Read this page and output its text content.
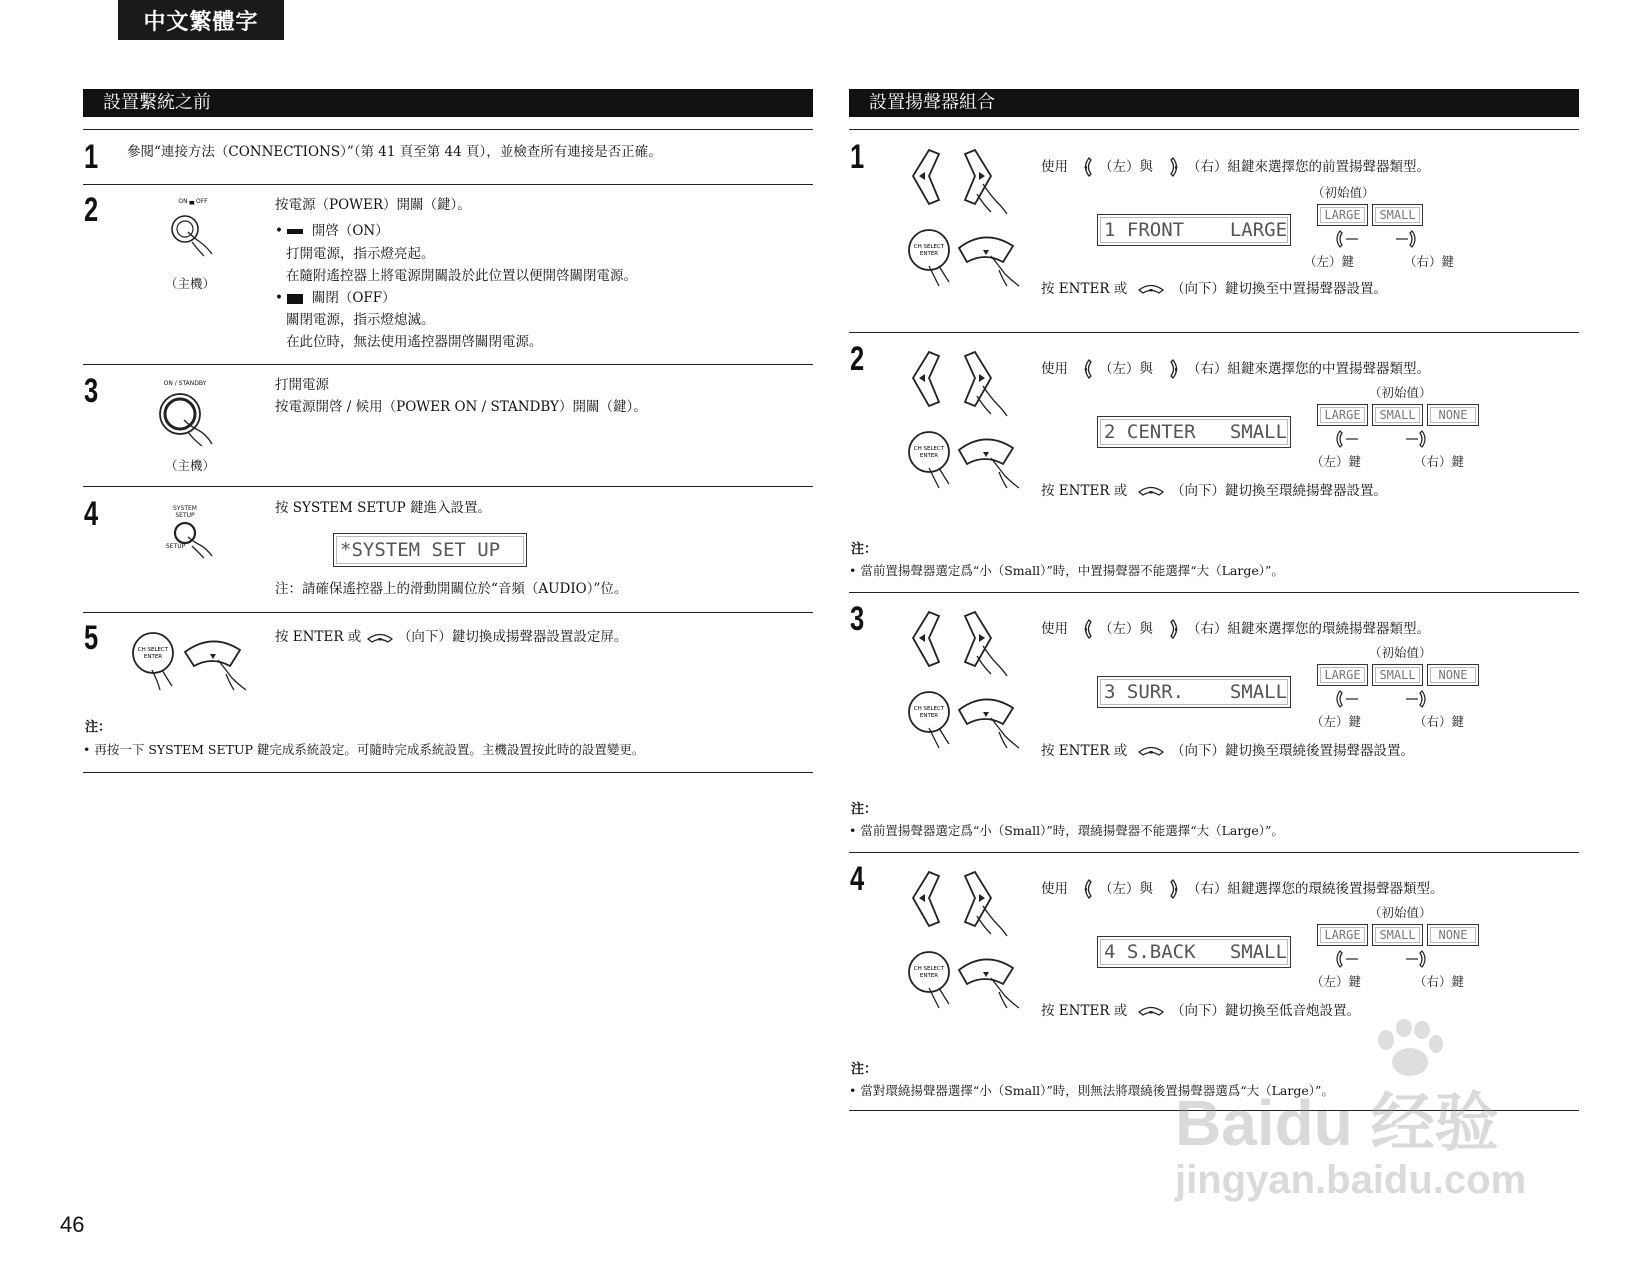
中文繁體字
設置繫統之前
1 參閱“連接方法（CONNECTIONS）”（第 41 頁至第 44 頁），並檢查所有連接是否正確。
2	ON ▄ OFF
（主機）
按電源（POWER）開關（鍵）。
•   開啓（ON）
打開電源，指示燈亮起。
在隨附遙控器上將電源開關設於此位置以便開啓關閉電源。
•   關閉（OFF）
關閉電源，指示燈熄滅。
在此位時，無法使用遙控器開啓關閉電源。
3	ON / STANDBY
（主機）
打開電源
按電源開啓 / 候用（POWER ON / STANDBY）開關（鍵）。
4	SYSTEM SETUP
SETUP
按 SYSTEM SETUP 鍵進入設置。
*SYSTEM SET UP
注：請確保遙控器上的滑動開關位於“音頻（AUDIO）”位。
5	CH SELECT
ENTER
按 ENTER 或  （向下）鍵切換成揚聲器設置設定屏。
注：
• 再按一下 SYSTEM SETUP 鍵完成系統設定。可隨時完成系統設置。主機設置按此時的設置變更。
設置揚聲器組合
1
CH SELECT
ENTER
使用 （左）與	（右）組鍵來選擇您的前置揚聲器類型。
1 FRONT    LARGE
（初始值）
LARGE	SMALL
（左）鍵	（右）鍵
按 ENTER 或	（向下）鍵切換至中置揚聲器設置。
2
CH SELECT
ENTER
使用 （左）與	（右）組鍵來選擇您的中置揚聲器類型。
2 CENTER   SMALL
（初始值）
LARGE	SMALL	NONE
（左）鍵	（右）鍵
按 ENTER 或	（向下）鍵切換至環繞揚聲器設置。
注：
• 當前置揚聲器選定爲“小（Small）”時，中置揚聲器不能選擇“大（Large）”。
3
CH SELECT
ENTER
使用 （左）與	（右）組鍵來選擇您的環繞揚聲器類型。
3 SURR.    SMALL
（初始值）
LARGE	SMALL	NONE
（左）鍵	（右）鍵
按 ENTER 或	（向下）鍵切換至環繞後置揚聲器設置。
注：
• 當前置揚聲器選定爲“小（Small）”時，環繞揚聲器不能選擇“大（Large）”。
4
CH SELECT
ENTER
使用 （左）與	（右）組鍵選擇您的環繞後置揚聲器類型。
4 S.BACK   SMALL
（初始值）
LARGE	SMALL	NONE
（左）鍵	（右）鍵
按 ENTER 或	（向下）鍵切換至低音炮設置。
注：
• 當對環繞揚聲器選擇“小（Small）”時，則無法將環繞後置揚聲器選爲“大（Large）”。
46
Baidu 经验
jingyan.baidu.com
